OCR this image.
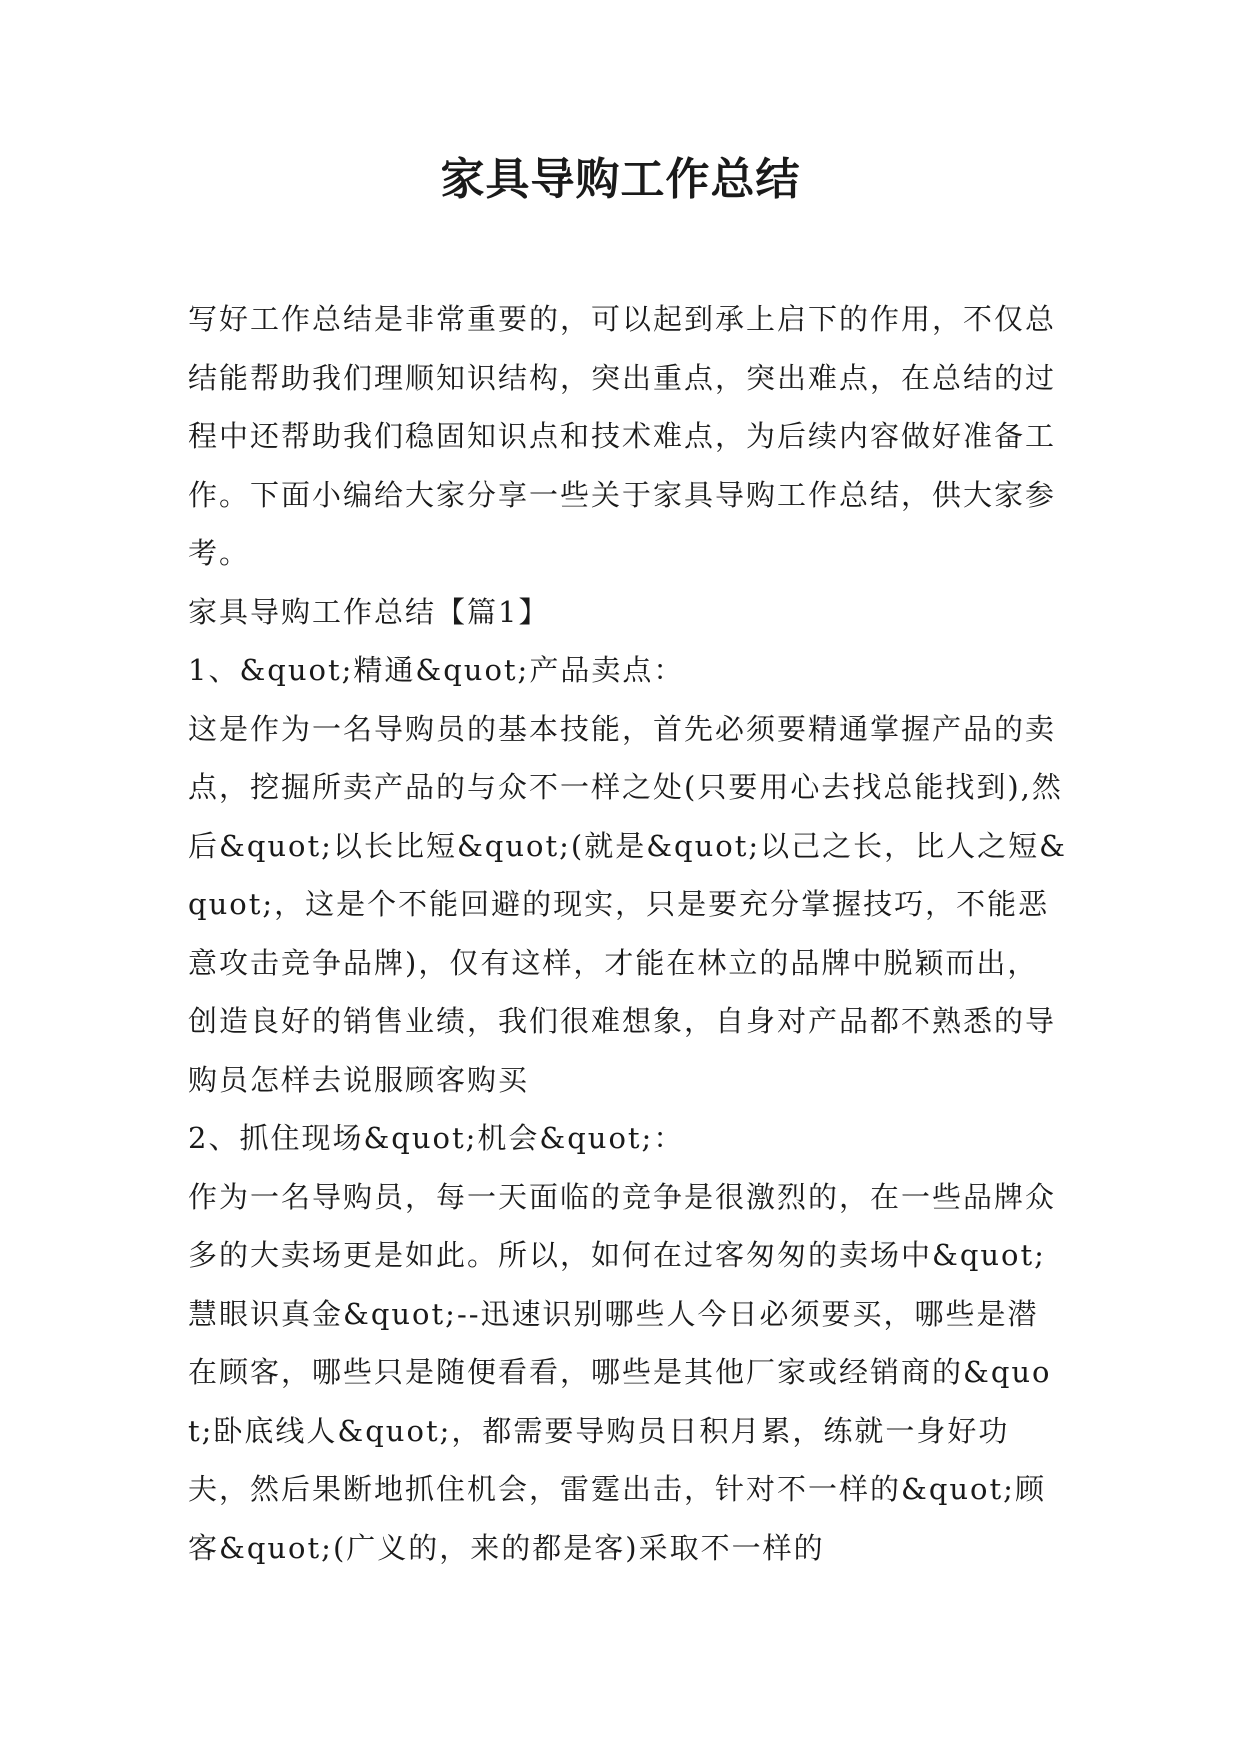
家具导购工作总结

写好工作总结是非常重要的，可以起到承上启下的作用，不仅总结能帮助我们理顺知识结构，突出重点，突出难点，在总结的过程中还帮助我们稳固知识点和技术难点，为后续内容做好准备工作。下面小编给大家分享一些关于家具导购工作总结，供大家参考。

家具导购工作总结【篇1】

1、&quot;精通&quot;产品卖点：

这是作为一名导购员的基本技能，首先必须要精通掌握产品的卖点，挖掘所卖产品的与众不一样之处(只要用心去找总能找到),然后&quot;以长比短&quot;(就是&quot;以己之长，比人之短&quot;，这是个不能回避的现实，只是要充分掌握技巧，不能恶意攻击竞争品牌)，仅有这样，才能在林立的品牌中脱颖而出，创造良好的销售业绩，我们很难想象，自身对产品都不熟悉的导购员怎样去说服顾客购买

2、抓住现场&quot;机会&quot;：

作为一名导购员，每一天面临的竞争是很激烈的，在一些品牌众多的大卖场更是如此。所以，如何在过客匆匆的卖场中&quot;慧眼识真金&quot;--迅速识别哪些人今日必须要买，哪些是潜在顾客，哪些只是随便看看，哪些是其他厂家或经销商的&quot;卧底线人&quot;，都需要导购员日积月累，练就一身好功夫，然后果断地抓住机会，雷霆出击，针对不一样的&quot;顾客&quot;(广义的，来的都是客)采取不一样的
